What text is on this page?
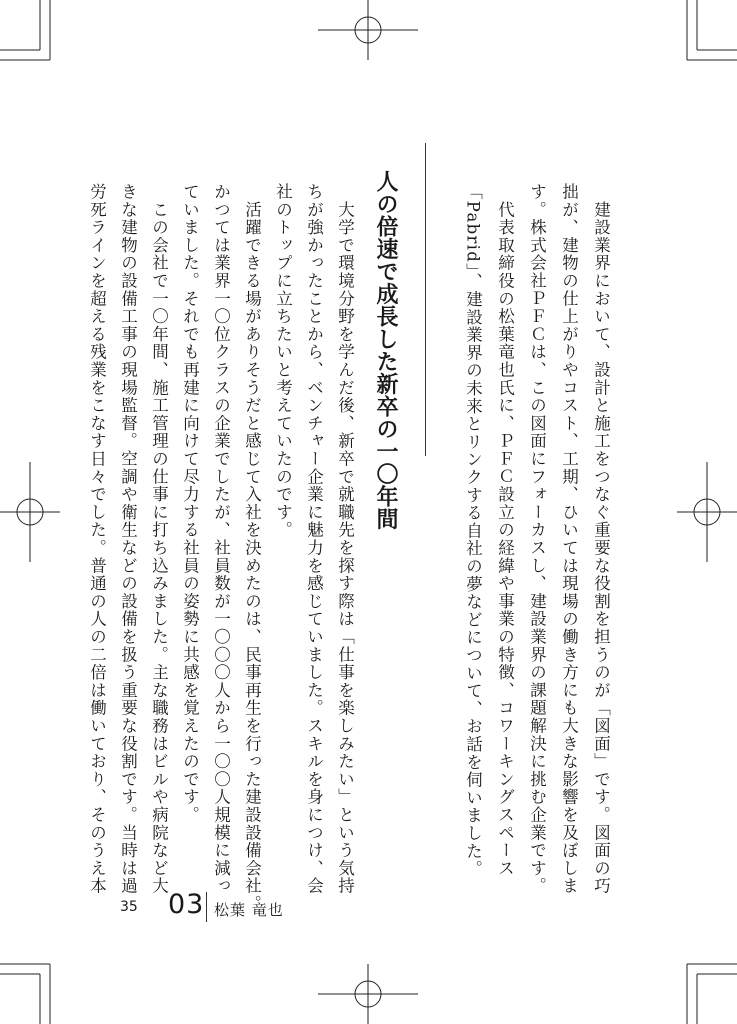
　建設業界において、設計と施工をつなぐ重要な役割を担うのが「図面」です。図面の巧
拙が、建物の仕上がりやコスト、工期、ひいては現場の働き方にも大きな影響を及ぼしま
す。株式会社ＰＦＣは、この図面にフォーカスし、建設業界の課題解決に挑む企業です。
　代表取締役の松葉竜也氏に、ＰＦＣ設立の経緯や事業の特徴、コワーキングスペース
「Pabrid」、建設業界の未来とリンクする自社の夢などについて、お話を伺いました。
人の倍速で成長した新卒の一〇年間
　大学で環境分野を学んだ後、新卒で就職先を探す際は「仕事を楽しみたい」という気持
ちが強かったことから、ベンチャー企業に魅力を感じていました。スキルを身につけ、会
社のトップに立ちたいと考えていたのです。
　活躍できる場がありそうだと感じて入社を決めたのは、民事再生を行った建設設備会社。
かつては業界一〇位クラスの企業でしたが、社員数が一〇〇〇人から一〇〇人規模に減っ
ていました。それでも再建に向けて尽力する社員の姿勢に共感を覚えたのです。
　この会社で一〇年間、施工管理の仕事に打ち込みました。主な職務はビルや病院など大
きな建物の設備工事の現場監督。空調や衛生などの設備を扱う重要な役割です。当時は過
労死ラインを超える残業をこなす日々でした。普通の人の二倍は働いており、そのうえ本
35 03 松葉 竜也
